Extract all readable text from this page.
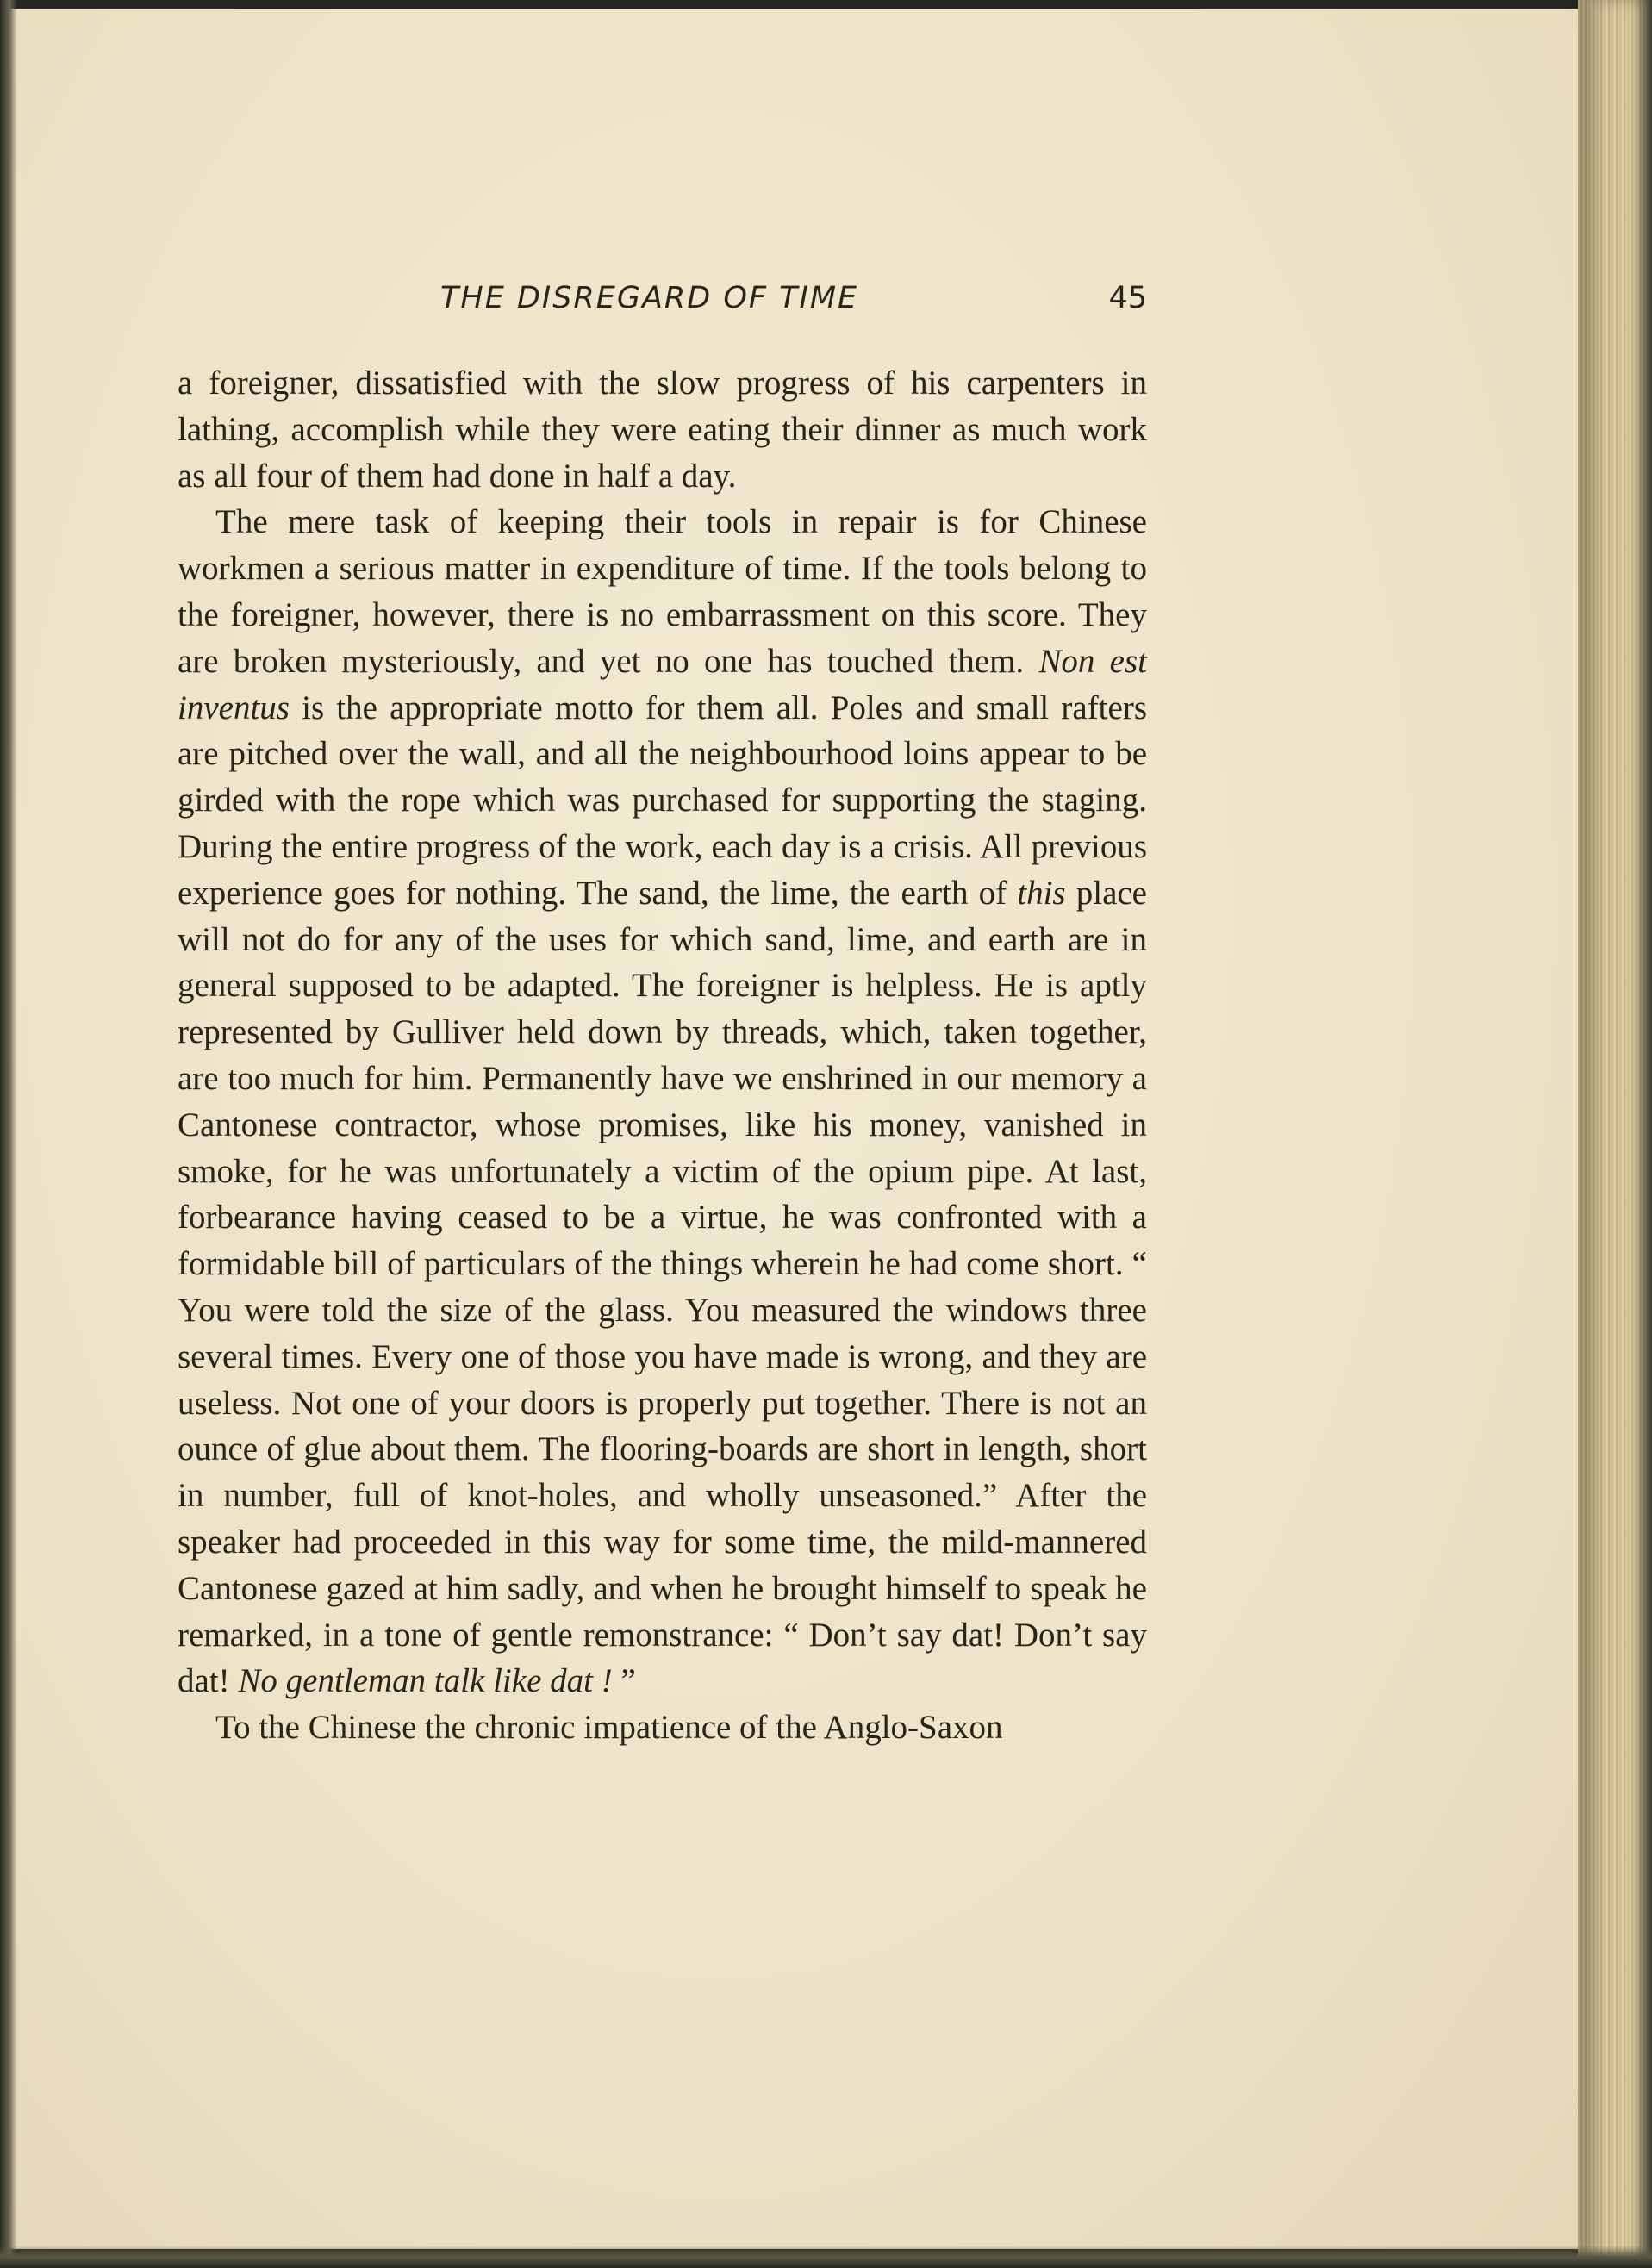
THE DISREGARD OF TIME	45

a foreigner, dissatisfied with the slow progress of his carpenters in lathing, accomplish while they were eating their dinner as much work as all four of them had done in half a day.

The mere task of keeping their tools in repair is for Chinese workmen a serious matter in expenditure of time. If the tools belong to the foreigner, however, there is no embarrassment on this score. They are broken mysteriously, and yet no one has touched them. Non est inventus is the appropriate motto for them all. Poles and small rafters are pitched over the wall, and all the neighbourhood loins appear to be girded with the rope which was purchased for supporting the staging. During the entire progress of the work, each day is a crisis. All previous experience goes for nothing. The sand, the lime, the earth of this place will not do for any of the uses for which sand, lime, and earth are in general supposed to be adapted. The foreigner is helpless. He is aptly represented by Gulliver held down by threads, which, taken together, are too much for him. Permanently have we enshrined in our memory a Cantonese contractor, whose promises, like his money, vanished in smoke, for he was unfortunately a victim of the opium pipe. At last, forbearance having ceased to be a virtue, he was confronted with a formidable bill of particulars of the things wherein he had come short. “ You were told the size of the glass. You measured the windows three several times. Every one of those you have made is wrong, and they are useless. Not one of your doors is properly put together. There is not an ounce of glue about them. The flooring-boards are short in length, short in number, full of knot-holes, and wholly unseasoned.” After the speaker had proceeded in this way for some time, the mild-mannered Cantonese gazed at him sadly, and when he brought himself to speak he remarked, in a tone of gentle remonstrance: “ Don’t say dat! Don’t say dat! No gentleman talk like dat ! ”

To the Chinese the chronic impatience of the Anglo-Saxon
